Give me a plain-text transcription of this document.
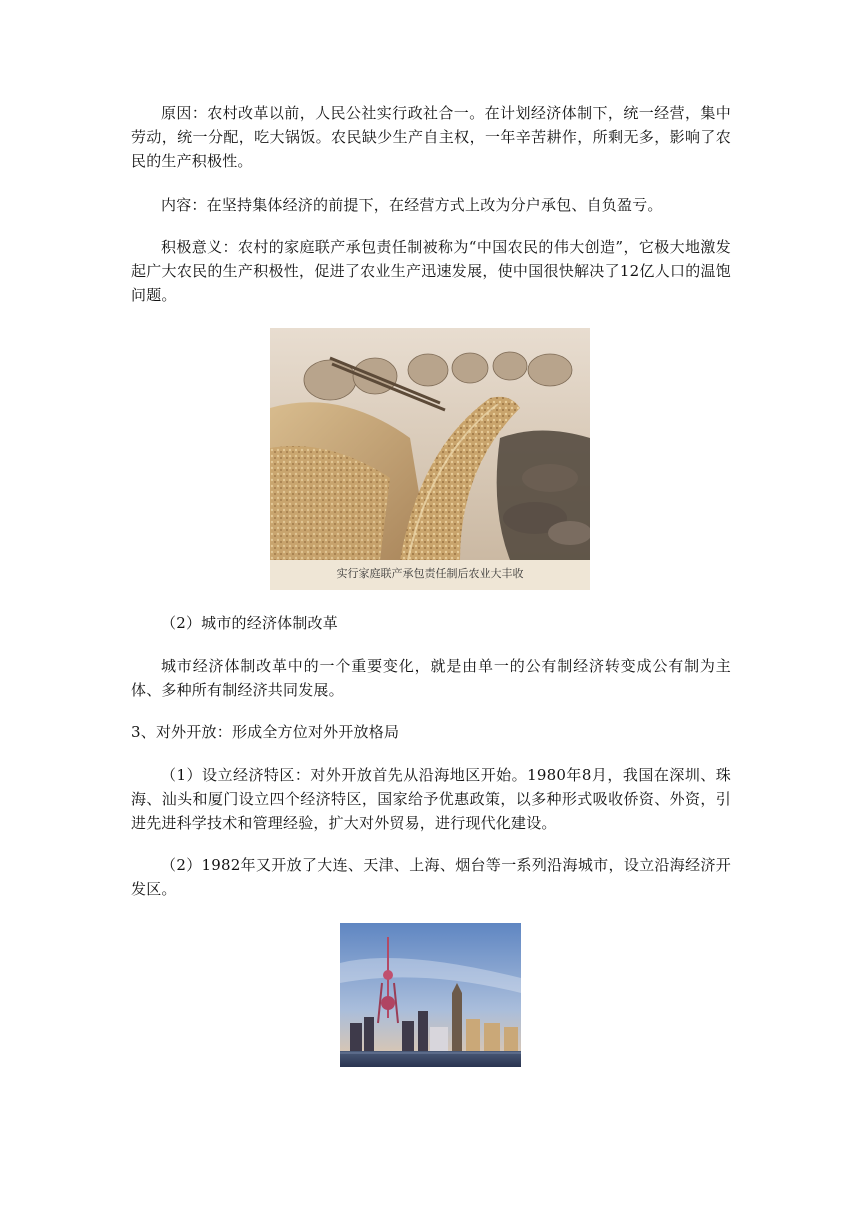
原因：农村改革以前，人民公社实行政社合一。在计划经济体制下，统一经营，集中劳动，统一分配，吃大锅饭。农民缺少生产自主权，一年辛苦耕作，所剩无多，影响了农民的生产积极性。

内容：在坚持集体经济的前提下，在经营方式上改为分户承包、自负盈亏。

积极意义：农村的家庭联产承包责任制被称为“中国农民的伟大创造”，它极大地激发起广大农民的生产积极性，促进了农业生产迅速发展，使中国很快解决了12亿人口的温饱问题。

实行家庭联产承包责任制后农业大丰收

（2）城市的经济体制改革

城市经济体制改革中的一个重要变化，就是由单一的公有制经济转变成公有制为主体、多种所有制经济共同发展。

3、对外开放：形成全方位对外开放格局

（1）设立经济特区：对外开放首先从沿海地区开始。1980年8月，我国在深圳、珠海、汕头和厦门设立四个经济特区，国家给予优惠政策，以多种形式吸收侨资、外资，引进先进科学技术和管理经验，扩大对外贸易，进行现代化建设。

（2）1982年又开放了大连、天津、上海、烟台等一系列沿海城市，设立沿海经济开发区。
